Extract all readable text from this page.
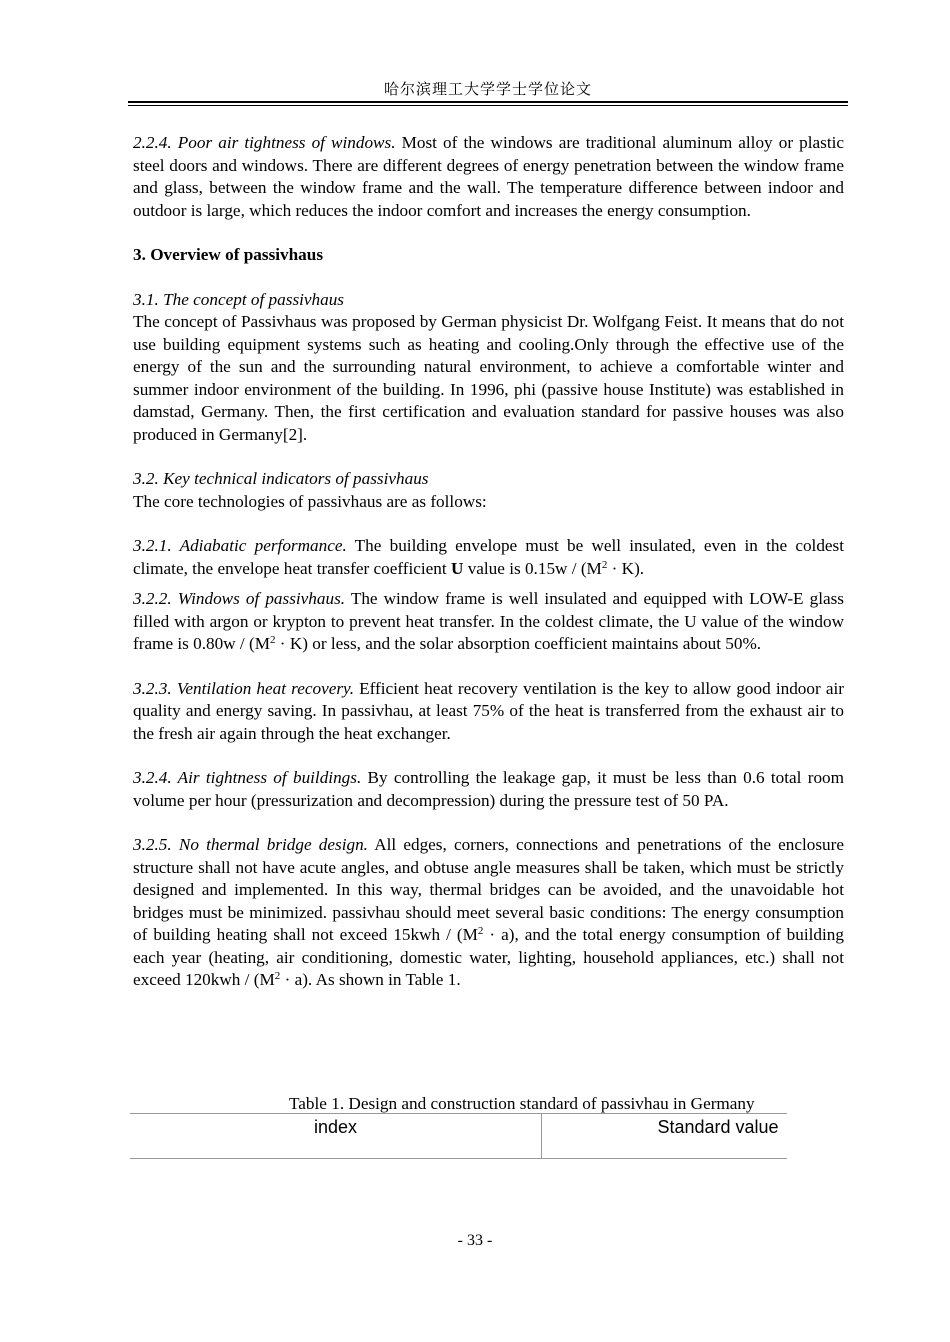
哈尔滨理工大学学士学位论文

2.2.4. Poor air tightness of windows. Most of the windows are traditional aluminum alloy or plastic steel doors and windows. There are different degrees of energy penetration between the window frame and glass, between the window frame and the wall. The temperature difference between indoor and outdoor is large, which reduces the indoor comfort and increases the energy consumption.

3. Overview of passivhaus

3.1. The concept of passivhaus

The concept of Passivhaus was proposed by German physicist Dr. Wolfgang Feist. It means that do not use building equipment systems such as heating and cooling.Only through the effective use of the energy of the sun and the surrounding natural environment, to achieve a comfortable winter and summer indoor environment of the building. In 1996, phi (passive house Institute) was established in damstad, Germany. Then, the first certification and evaluation standard for passive houses was also produced in Germany[2].

3.2. Key technical indicators of passivhaus

The core technologies of passivhaus are as follows:

3.2.1. Adiabatic performance. The building envelope must be well insulated, even in the coldest climate, the envelope heat transfer coefficient U value is $0.15w / (M^2 \cdot K)$.

3.2.2. Windows of passivhaus. The window frame is well insulated and equipped with LOW-E glass filled with argon or krypton to prevent heat transfer. In the coldest climate, the U value of the window frame is $0.80w / (M^2 \cdot K)$ or less, and the solar absorption coefficient maintains about 50%.

3.2.3. Ventilation heat recovery. Efficient heat recovery ventilation is the key to allow good indoor air quality and energy saving. In passivhau, at least 75% of the heat is transferred from the exhaust air to the fresh air again through the heat exchanger.

3.2.4. Air tightness of buildings. By controlling the leakage gap, it must be less than 0.6 total room volume per hour (pressurization and decompression) during the pressure test of 50 PA.

3.2.5. No thermal bridge design. All edges, corners, connections and penetrations of the enclosure structure shall not have acute angles, and obtuse angle measures shall be taken, which must be strictly designed and implemented. In this way, thermal bridges can be avoided, and the unavoidable hot bridges must be minimized. passivhau should meet several basic conditions: The energy consumption of building heating shall not exceed $15kwh / (M^2 \cdot a)$, and the total energy consumption of building each year (heating, air conditioning, domestic water, lighting, household appliances, etc.) shall not exceed $120kwh / (M^2 \cdot a)$. As shown in Table 1.

Table 1. Design and construction standard of passivhau in Germany
index	Standard value
- 33 -
